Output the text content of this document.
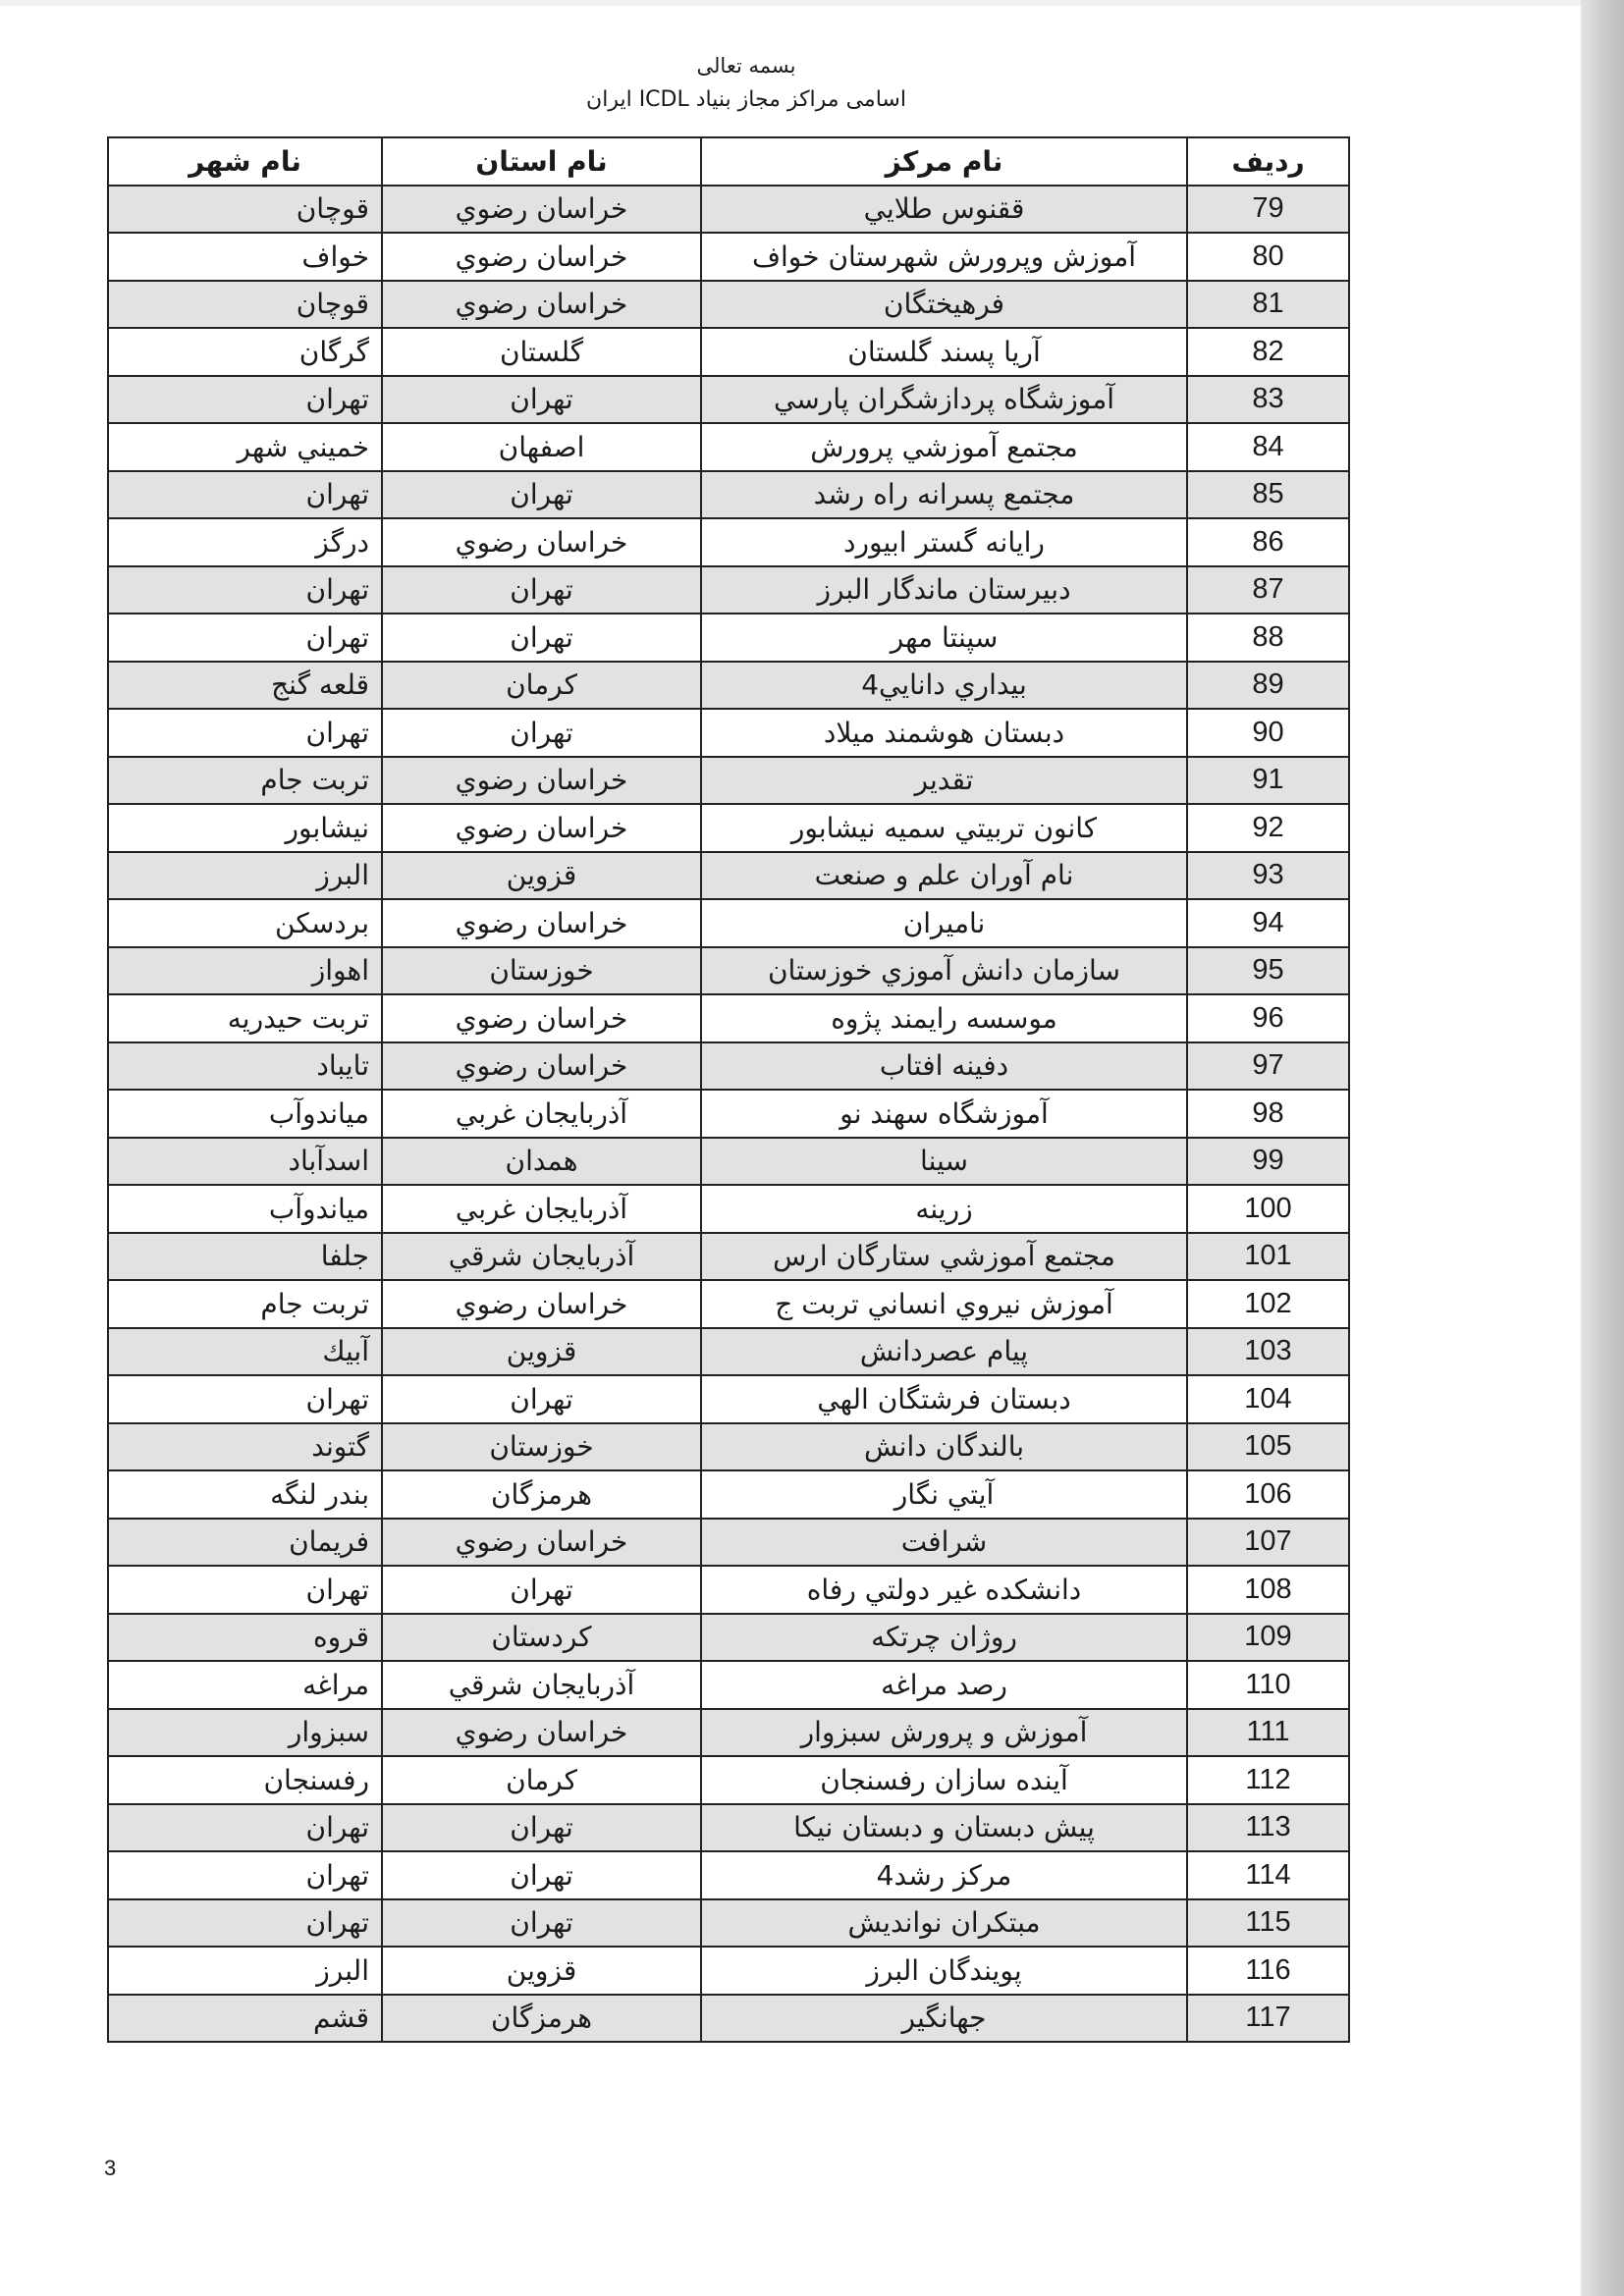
بسمه تعالی
اسامی مراکز مجاز بنیاد ICDL ایران
ردیف	نام مرکز	نام استان	نام شهر
79	ققنوس طلايي	خراسان رضوي	قوچان
80	آموزش وپرورش شهرستان خواف	خراسان رضوي	خواف
81	فرهيختگان	خراسان رضوي	قوچان
82	آريا پسند گلستان	گلستان	گرگان
83	آموزشگاه پردازشگران پارسي	تهران	تهران
84	مجتمع آموزشي پرورش	اصفهان	خميني شهر
85	مجتمع پسرانه راه رشد	تهران	تهران
86	رايانه گستر ابيورد	خراسان رضوي	درگز
87	دبيرستان ماندگار البرز	تهران	تهران
88	سپنتا مهر	تهران	تهران
89	بيداري دانايي4	كرمان	قلعه گنج
90	دبستان هوشمند ميلاد	تهران	تهران
91	تقدير	خراسان رضوي	تربت جام
92	كانون تربيتي سميه نيشابور	خراسان رضوي	نيشابور
93	نام آوران علم و صنعت	قزوين	البرز
94	ناميران	خراسان رضوي	بردسكن
95	سازمان دانش آموزي خوزستان	خوزستان	اهواز
96	موسسه رايمند پژوه	خراسان رضوي	تربت حيدريه
97	دفينه افتاب	خراسان رضوي	تايباد
98	آموزشگاه سهند نو	آذربايجان غربي	مياندوآب
99	سينا	همدان	اسدآباد
100	زرينه	آذربايجان غربي	مياندوآب
101	مجتمع آموزشي ستارگان ارس	آذربايجان شرقي	جلفا
102	آموزش نيروي انساني تربت ج	خراسان رضوي	تربت جام
103	پيام عصردانش	قزوين	آبيك
104	دبستان فرشتگان الهي	تهران	تهران
105	بالندگان دانش	خوزستان	گتوند
106	آيتي نگار	هرمزگان	بندر لنگه
107	شرافت	خراسان رضوي	فريمان
108	دانشكده غير دولتي رفاه	تهران	تهران
109	روژان چرتكه	كردستان	قروه
110	رصد مراغه	آذربايجان شرقي	مراغه
111	آموزش و پرورش سبزوار	خراسان رضوي	سبزوار
112	آينده سازان رفسنجان	كرمان	رفسنجان
113	پيش دبستان و دبستان نيكا	تهران	تهران
114	مركز رشد4	تهران	تهران
115	مبتكران نوانديش	تهران	تهران
116	پويندگان البرز	قزوين	البرز
117	جهانگير	هرمزگان	قشم
3
